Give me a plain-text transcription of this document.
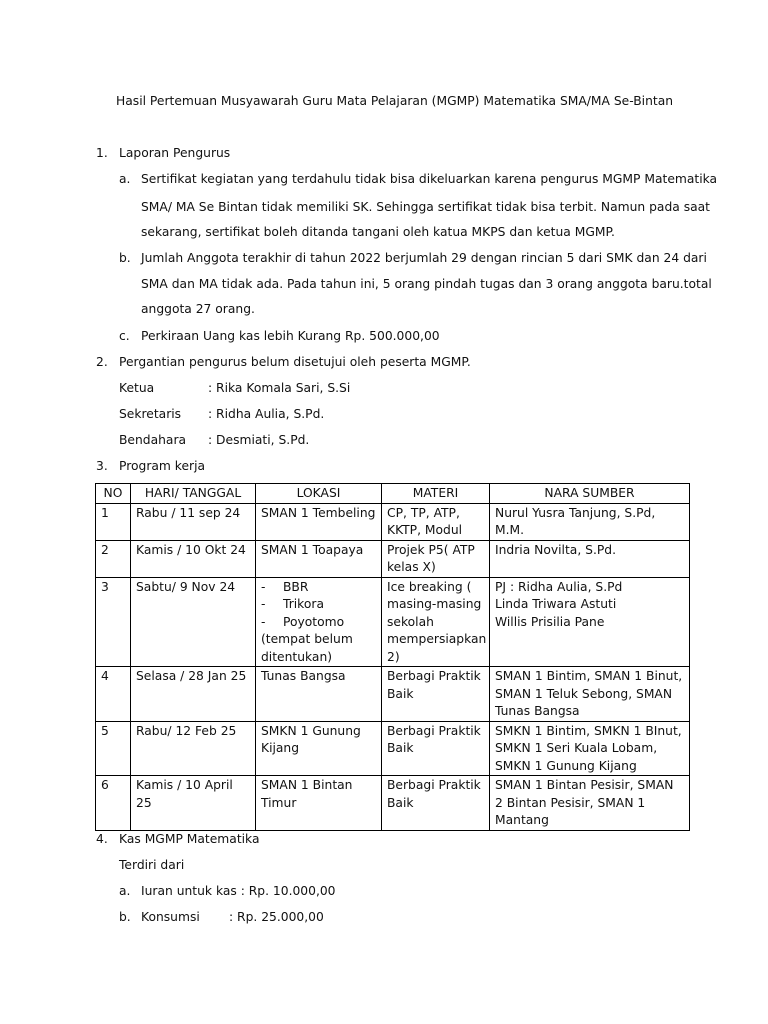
Hasil Pertemuan Musyawarah Guru Mata Pelajaran (MGMP) Matematika SMA/MA Se-Bintan
1. Laporan Pengurus
a. Sertifikat kegiatan yang terdahulu tidak bisa dikeluarkan karena pengurus MGMP Matematika
SMA/ MA Se Bintan tidak memiliki SK. Sehingga sertifikat tidak bisa terbit. Namun pada saat
sekarang, sertifikat boleh ditanda tangani oleh katua MKPS dan ketua MGMP.
b. Jumlah Anggota terakhir di tahun 2022 berjumlah 29 dengan rincian 5 dari SMK dan 24 dari
SMA dan MA tidak ada. Pada tahun ini, 5 orang pindah tugas dan 3 orang anggota baru.total
anggota 27 orang.
c. Perkiraan Uang kas lebih Kurang Rp. 500.000,00
2. Pergantian pengurus belum disetujui oleh peserta MGMP.
Ketua	: Rika Komala Sari, S.Si
Sekretaris : Ridha Aulia, S.Pd.
Bendahara : Desmiati, S.Pd.
3. Program kerja
NO	HARI/ TANGGAL	LOKASI	MATERI	NARA SUMBER
1	Rabu / 11 sep 24	SMAN 1 Tembeling	CP, TP, ATP, KKTP, Modul	Nurul Yusra Tanjung, S.Pd, M.M.
2	Kamis / 10 Okt 24	SMAN 1 Toapaya	Projek P5( ATP kelas X)	Indria Novilta, S.Pd.
3	Sabtu/ 9 Nov 24	- BBR
- Trikora
- Poyotomo
(tempat belum ditentukan)	Ice breaking ( masing-masing sekolah mempersiapkan 2)	PJ : Ridha Aulia, S.Pd
Linda Triwara Astuti
Willis Prisilia Pane

4	Selasa / 28 Jan 25	Tunas Bangsa	Berbagi Praktik Baik	SMAN 1 Bintim, SMAN 1 Binut, SMAN 1 Teluk Sebong, SMAN Tunas Bangsa
5	Rabu/ 12 Feb 25	SMKN 1 Gunung Kijang	Berbagi Praktik Baik	SMKN 1 Bintim, SMKN 1 BInut, SMKN 1 Seri Kuala Lobam, SMKN 1 Gunung Kijang
6	Kamis / 10 April 25	SMAN 1 Bintan Timur	Berbagi Praktik Baik	SMAN 1 Bintan Pesisir, SMAN 2 Bintan Pesisir, SMAN 1 Mantang
4. Kas MGMP Matematika
Terdiri dari
a. Iuran untuk kas : Rp. 10.000,00
b. Konsumsi : Rp. 25.000,00
